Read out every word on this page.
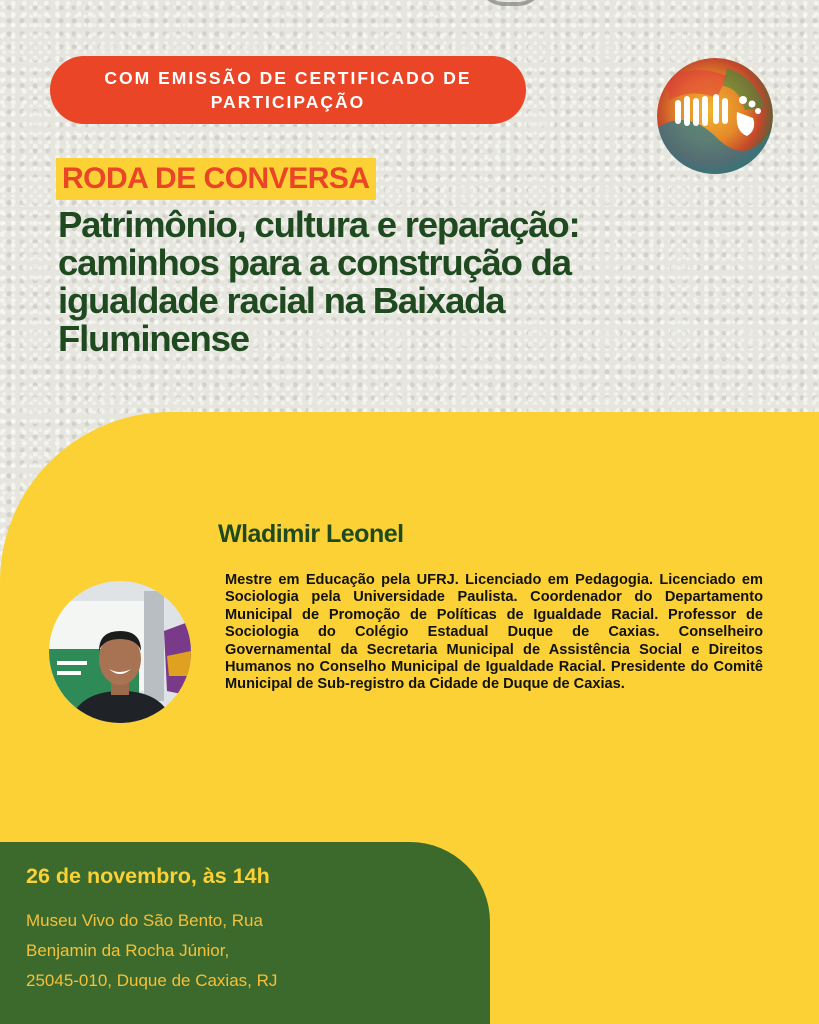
COM EMISSÃO DE CERTIFICADO DE PARTICIPAÇÃO
RODA DE CONVERSA
Patrimônio, cultura e reparação: caminhos para a construção da igualdade racial na Baixada Fluminense
Wladimir Leonel

Mestre em Educação pela UFRJ. Licenciado em Pedagogia. Licenciado em Sociologia pela Universidade Paulista. Coordenador do Departamento Municipal de Promoção de Políticas de Igualdade Racial. Professor de Sociologia do Colégio Estadual Duque de Caxias. Conselheiro Governamental da Secretaria Municipal de Assistência Social e Direitos Humanos no Conselho Municipal de Igualdade Racial. Presidente do Comitê Municipal de Sub-registro da Cidade de Duque de Caxias.

26 de novembro, às 14h

Museu Vivo do São Bento, Rua
Benjamin da Rocha Júnior,
25045-010, Duque de Caxias, RJ
